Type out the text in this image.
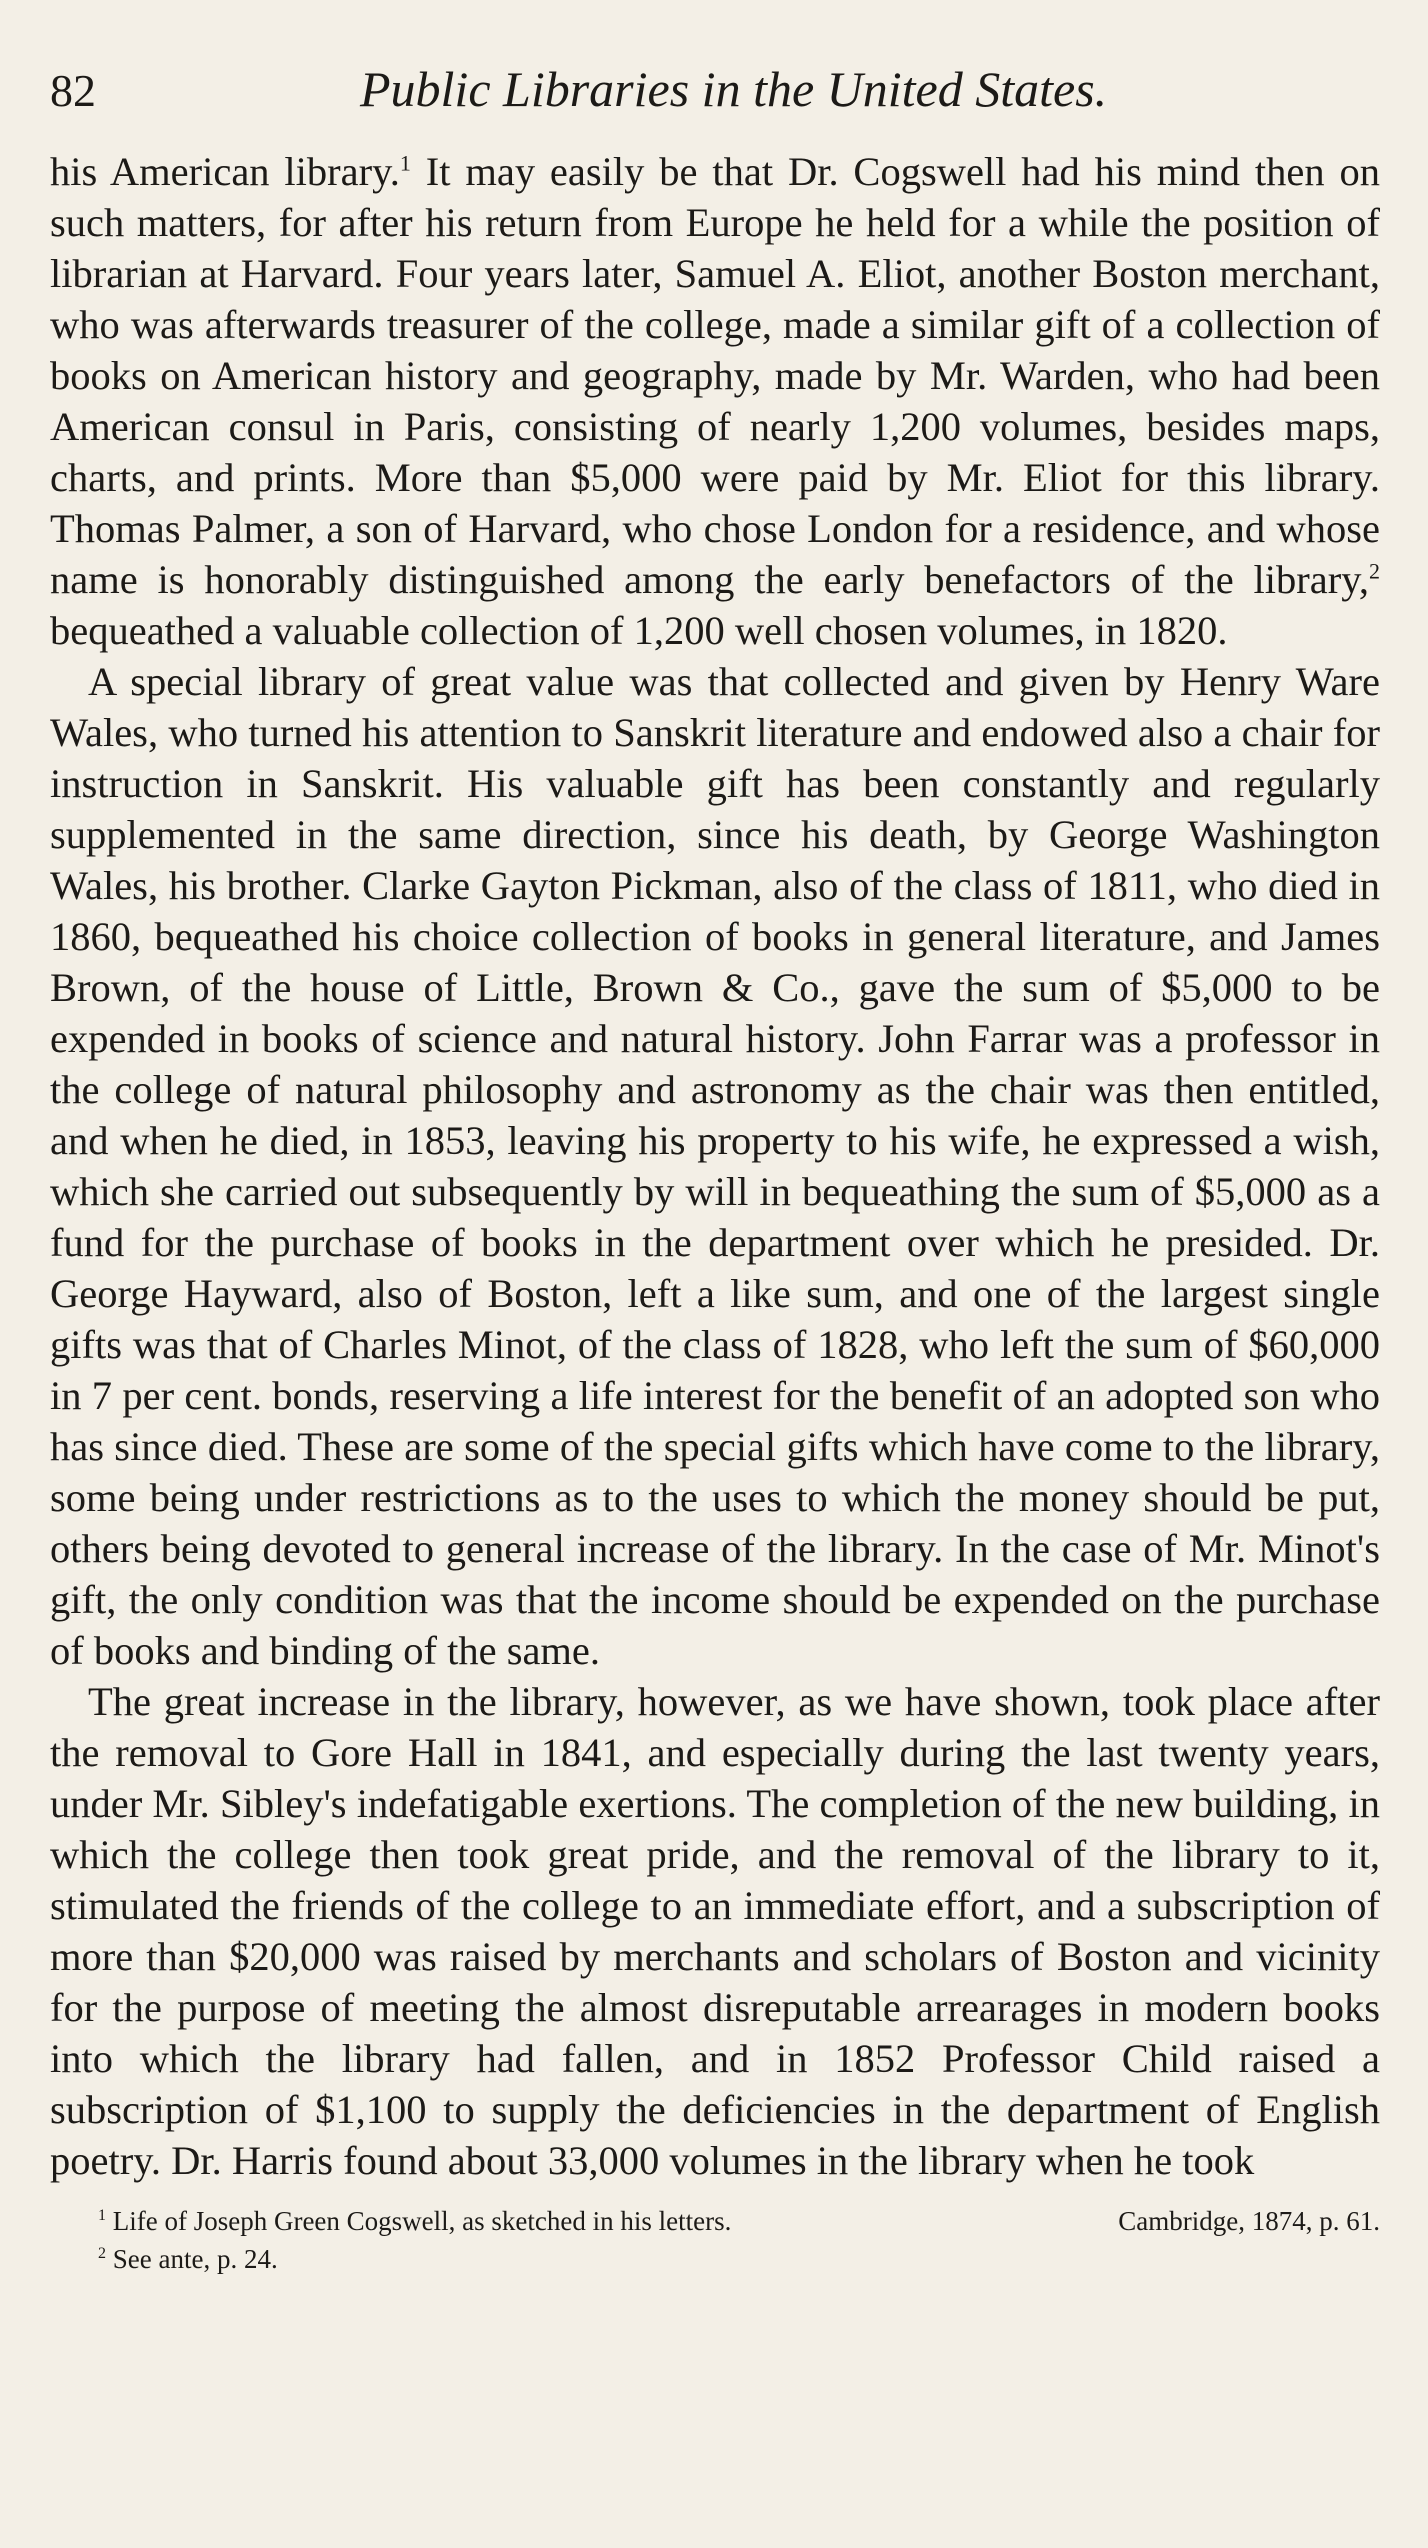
82	Public Libraries in the United States.

his American library.$^1$ It may easily be that Dr. Cogswell had his mind then on such matters, for after his return from Europe he held for a while the position of librarian at Harvard. Four years later, Samuel A. Eliot, another Boston merchant, who was afterwards treasurer of the college, made a similar gift of a collection of books on American history and geography, made by Mr. Warden, who had been American consul in Paris, consisting of nearly 1,200 volumes, besides maps, charts, and prints. More than $5,000 were paid by Mr. Eliot for this library. Thomas Palmer, a son of Harvard, who chose London for a residence, and whose name is honorably distinguished among the early benefactors of the library,$^2$ bequeathed a valuable collection of 1,200 well chosen volumes, in 1820.

A special library of great value was that collected and given by Henry Ware Wales, who turned his attention to Sanskrit literature and endowed also a chair for instruction in Sanskrit. His valuable gift has been constantly and regularly supplemented in the same direction, since his death, by George Washington Wales, his brother. Clarke Gayton Pickman, also of the class of 1811, who died in 1860, bequeathed his choice collection of books in general literature, and James Brown, of the house of Little, Brown & Co., gave the sum of $5,000 to be expended in books of science and natural history. John Farrar was a professor in the college of natural philosophy and astronomy as the chair was then entitled, and when he died, in 1853, leaving his property to his wife, he expressed a wish, which she carried out subsequently by will in bequeathing the sum of $5,000 as a fund for the purchase of books in the department over which he presided. Dr. George Hayward, also of Boston, left a like sum, and one of the largest single gifts was that of Charles Minot, of the class of 1828, who left the sum of $60,000 in 7 per cent. bonds, reserving a life interest for the benefit of an adopted son who has since died. These are some of the special gifts which have come to the library, some being under restrictions as to the uses to which the money should be put, others being devoted to general increase of the library. In the case of Mr. Minot's gift, the only condition was that the income should be expended on the purchase of books and binding of the same.

The great increase in the library, however, as we have shown, took place after the removal to Gore Hall in 1841, and especially during the last twenty years, under Mr. Sibley's indefatigable exertions. The completion of the new building, in which the college then took great pride, and the removal of the library to it, stimulated the friends of the college to an immediate effort, and a subscription of more than $20,000 was raised by merchants and scholars of Boston and vicinity for the purpose of meeting the almost disreputable arrearages in modern books into which the library had fallen, and in 1852 Professor Child raised a subscription of $1,100 to supply the deficiencies in the department of English poetry. Dr. Harris found about 33,000 volumes in the library when he took

$^1$ Life of Joseph Green Cogswell, as sketched in his letters.	Cambridge, 1874, p. 61.
$^2$ See ante, p. 24.
